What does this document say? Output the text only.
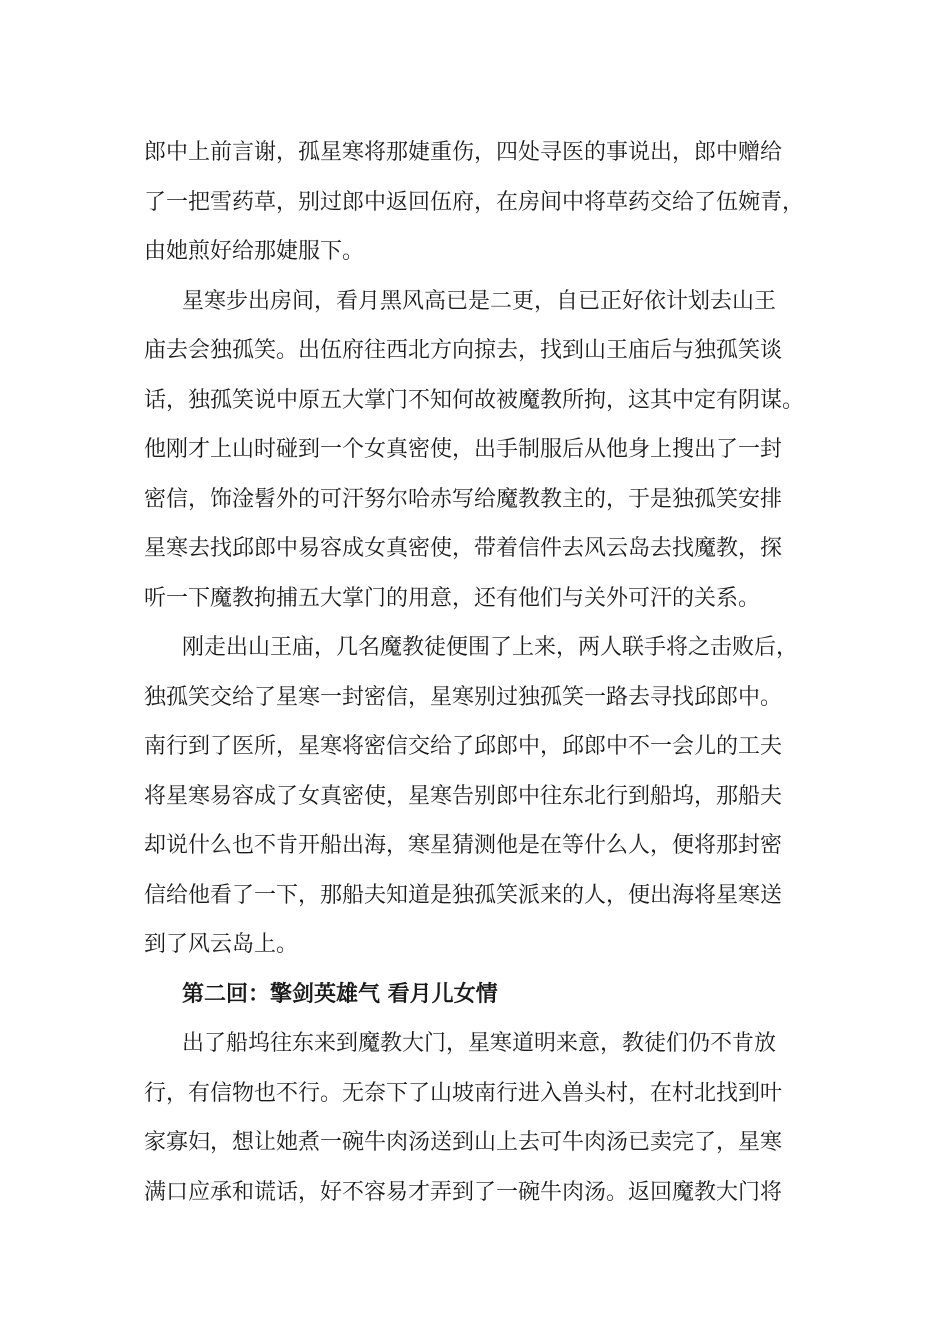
郎中上前言谢，孤星寒将那婕重伤，四处寻医的事说出，郎中赠给
了一把雪药草，别过郎中返回伍府，在房间中将草药交给了伍婉青，
由她煎好给那婕服下。
星寒步出房间，看月黑风高已是二更，自已正好依计划去山王
庙去会独孤笑。出伍府往西北方向掠去，找到山王庙后与独孤笑谈
话，独孤笑说中原五大掌门不知何故被魔教所拘，这其中定有阴谋。
他刚才上山时碰到一个女真密使，出手制服后从他身上搜出了一封
密信，饰淦髫外的可汗努尔哈赤写给魔教教主的，于是独孤笑安排
星寒去找邱郎中易容成女真密使，带着信件去风云岛去找魔教，探
听一下魔教拘捕五大掌门的用意，还有他们与关外可汗的关系。
刚走出山王庙，几名魔教徒便围了上来，两人联手将之击败后，
独孤笑交给了星寒一封密信，星寒别过独孤笑一路去寻找邱郎中。
南行到了医所，星寒将密信交给了邱郎中，邱郎中不一会儿的工夫
将星寒易容成了女真密使，星寒告别郎中往东北行到船坞，那船夫
却说什么也不肯开船出海，寒星猜测他是在等什么人，便将那封密
信给他看了一下，那船夫知道是独孤笑派来的人，便出海将星寒送
到了风云岛上。
第二回：擎剑英雄气 看月儿女情
出了船坞往东来到魔教大门，星寒道明来意，教徒们仍不肯放
行，有信物也不行。无奈下了山坡南行进入兽头村，在村北找到叶
家寡妇，想让她煮一碗牛肉汤送到山上去可牛肉汤已卖完了，星寒
满口应承和谎话，好不容易才弄到了一碗牛肉汤。返回魔教大门将
